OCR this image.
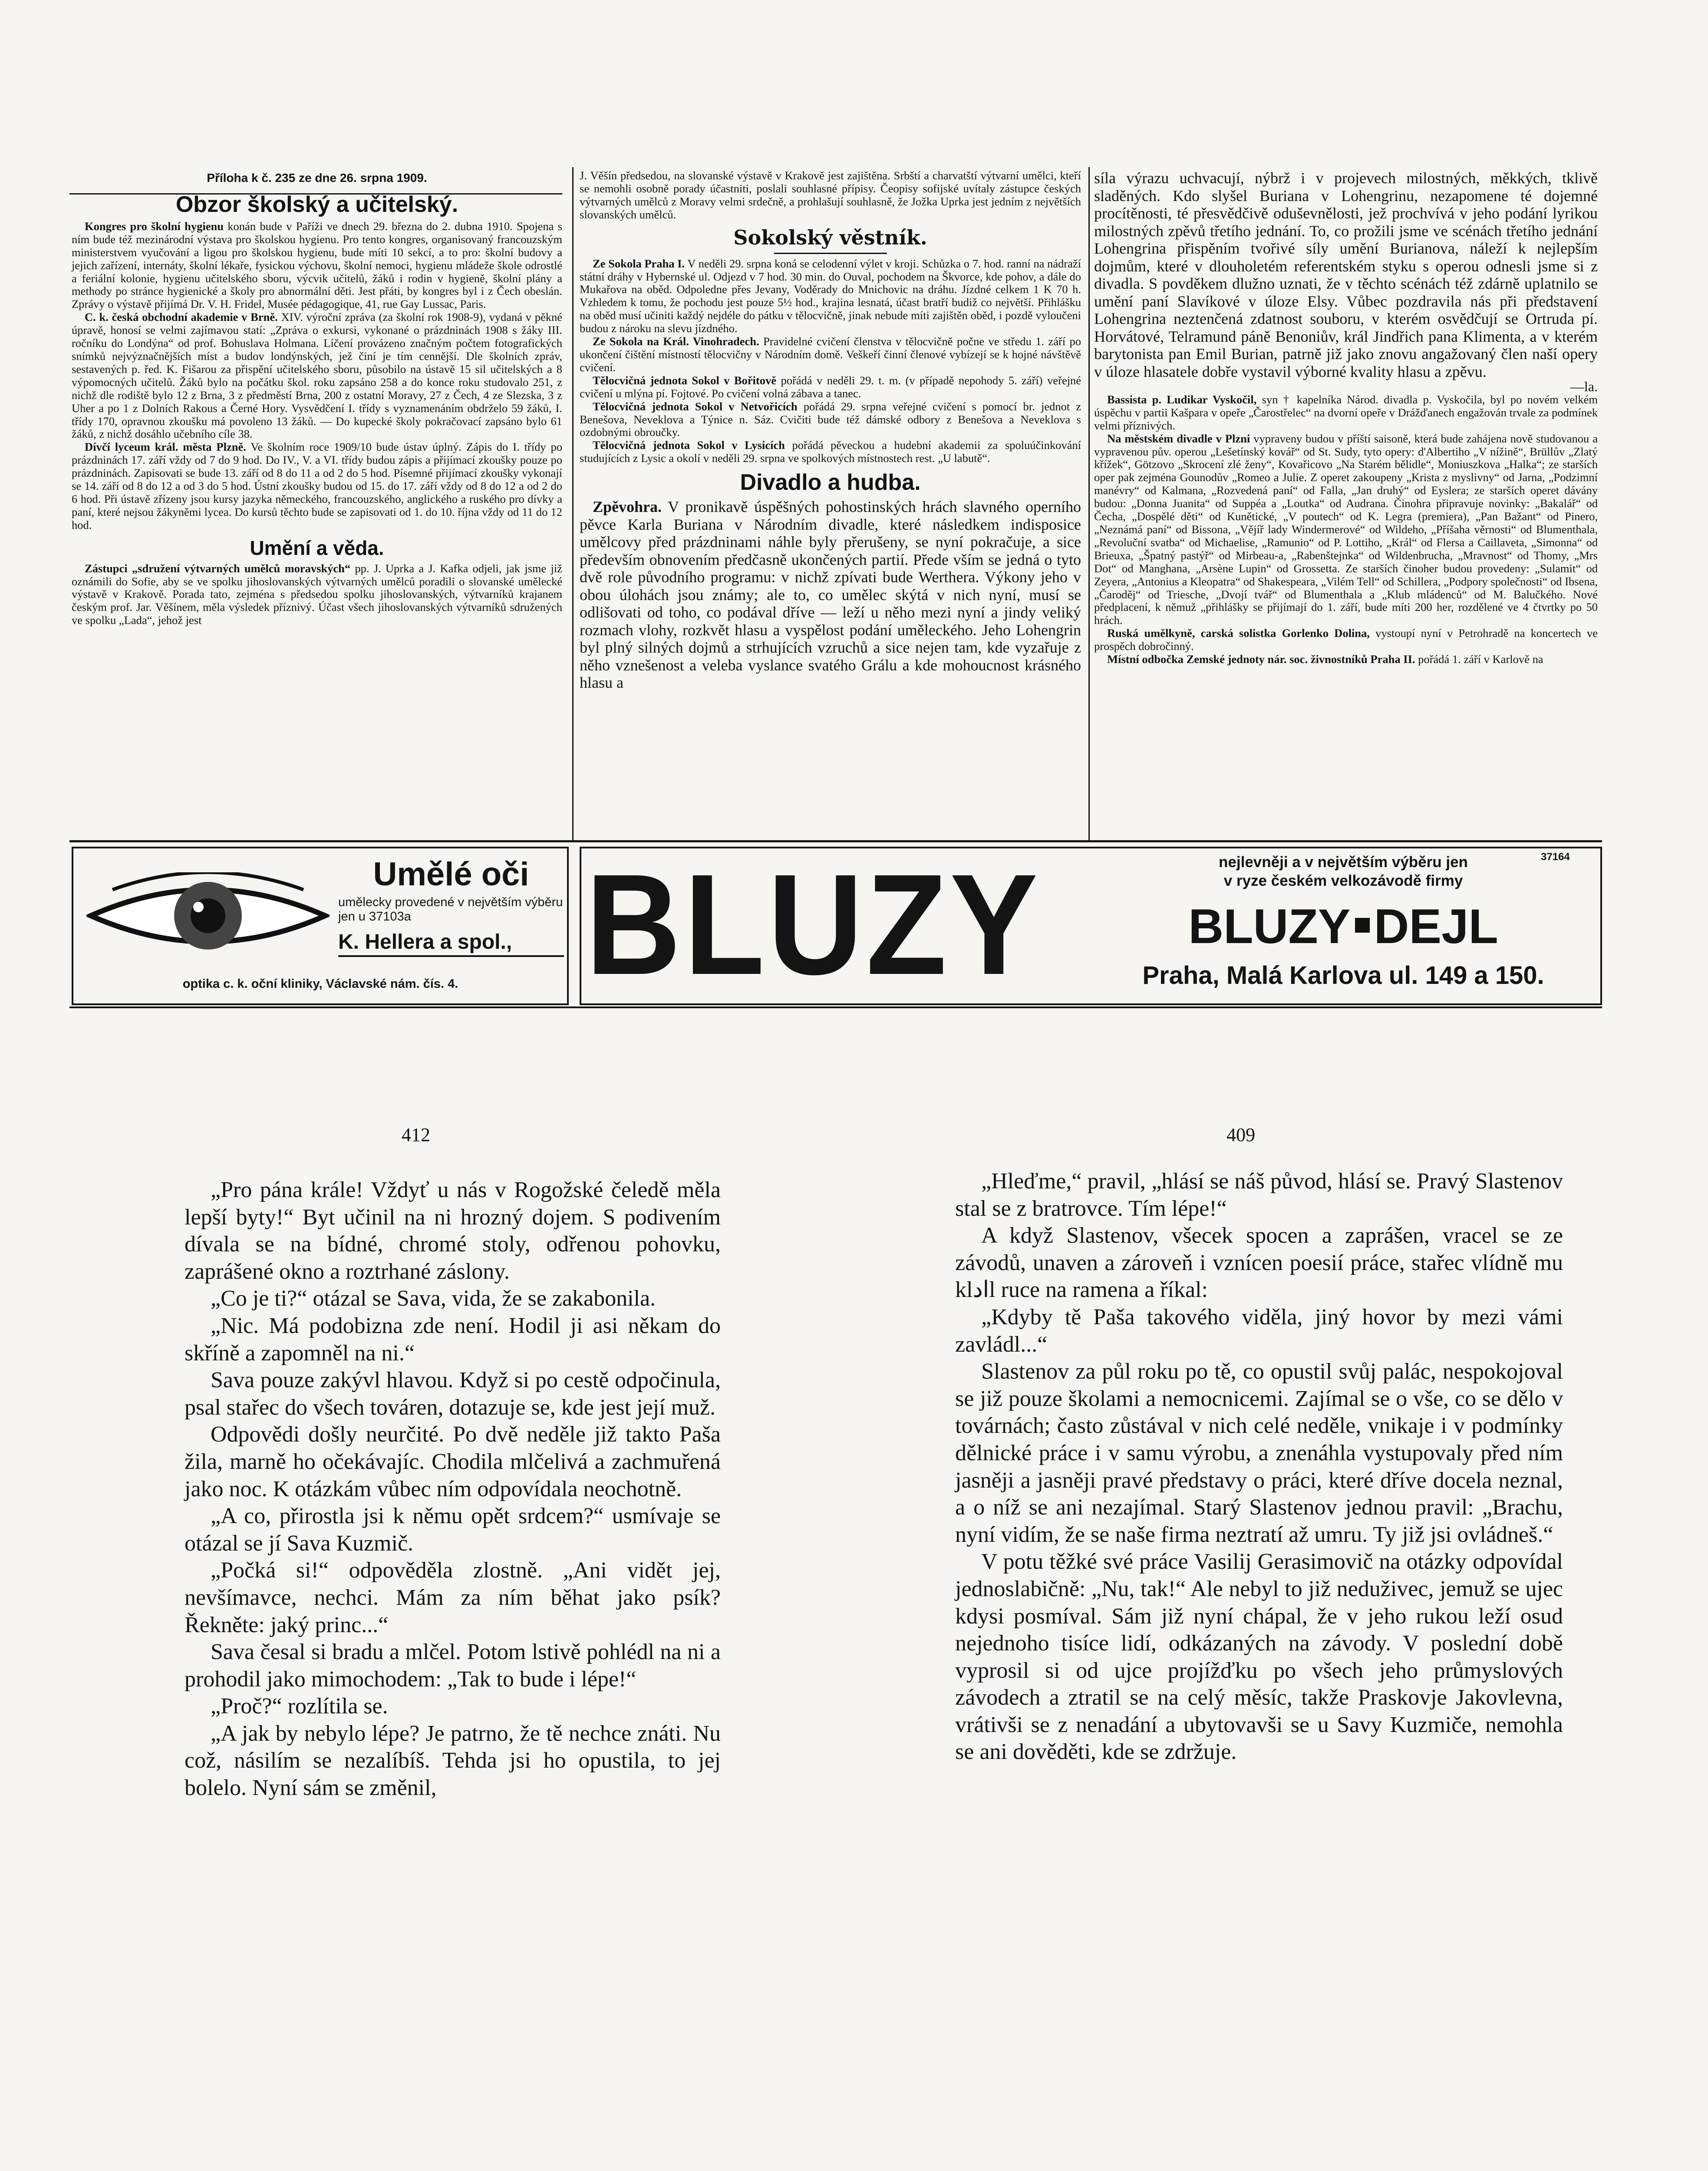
Příloha k č. 235 ze dne 26. srpna 1909.
Obzor školský a učitelský.

Kongres pro školní hygienu konán bude v Paříži ve dnech 29. března do 2. dubna 1910. Spojena s ním bude též mezinárodní výstava pro školskou hygienu. Pro tento kongres, organisovaný francouzským ministerstvem vyučování a ligou pro školskou hygienu, bude míti 10 sekcí, a to pro: školní budovy a jejich zařízení, internáty, školní lékaře, fysickou výchovu, školní nemoci, hygienu mládeže škole odrostlé a feriální kolonie, hygienu učitelského sboru, výcvik učitelů, žáků i rodin v hygieně, školní plány a methody po stránce hygienické a školy pro abnormální děti. Jest přáti, by kongres byl i z Čech obeslán. Zprávy o výstavě přijímá Dr. V. H. Fridel, Musée pédagogique, 41, rue Gay Lussac, Paris.

C. k. česká obchodní akademie v Brně. XIV. výroční zpráva (za školní rok 1908-9), vydaná v pěkné úpravě, honosí se velmi zajímavou statí: „Zpráva o exkursi, vykonané o prázdninách 1908 s žáky III. ročníku do Londýna“ od prof. Bohuslava Holmana. Líčení provázeno značným počtem fotografických snímků nejvýznačnějších míst a budov londýnských, jež činí je tím cennější. Dle školních zpráv, sestavených p. řed. K. Fišarou za přispění učitelského sboru, působilo na ústavě 15 sil učitelských a 8 výpomocných učitelů. Žáků bylo na počátku škol. roku zapsáno 258 a do konce roku studovalo 251, z nichž dle rodiště bylo 12 z Brna, 3 z předměstí Brna, 200 z ostatní Moravy, 27 z Čech, 4 ze Slezska, 3 z Uher a po 1 z Dolních Rakous a Černé Hory. Vysvědčení I. třídy s vyznamenáním obdrželo 59 žáků, I. třídy 170, opravnou zkoušku má povoleno 13 žáků. — Do kupecké školy pokračovací zapsáno bylo 61 žáků, z nichž dosáhlo učebního cíle 38.

Dívčí lyceum král. města Plzně. Ve školním roce 1909/10 bude ústav úplný. Zápis do I. třídy po prázdninách 17. září vždy od 7 do 9 hod. Do IV., V. a VI. třídy budou zápis a přijímací zkoušky pouze po prázdninách. Zapisovati se bude 13. září od 8 do 11 a od 2 do 5 hod. Písemné přijímací zkoušky vykonají se 14. září od 8 do 12 a od 3 do 5 hod. Ústní zkoušky budou od 15. do 17. září vždy od 8 do 12 a od 2 do 6 hod. Při ústavě zřízeny jsou kursy jazyka německého, francouzského, anglického a ruského pro dívky a paní, které nejsou žákyněmi lycea. Do kursů těchto bude se zapisovati od 1. do 10. října vždy od 11 do 12 hod.

Umění a věda.

Zástupci „sdružení výtvarných umělců moravských“ pp. J. Uprka a J. Kafka odjeli, jak jsme již oznámili do Sofie, aby se ve spolku jihoslovanských výtvarných umělců poradili o slovanské umělecké výstavě v Krakově. Porada tato, zejména s předsedou spolku jihoslovanských, výtvarníků krajanem českým prof. Jar. Věšínem, měla výsledek příznivý. Účast všech jihoslovanských výtvarníků sdružených ve spolku „Lada“, jehož jest

J. Věšín předsedou, na slovanské výstavě v Krakově jest zajištěna. Srbští a charvatští výtvarní umělci, kteří se nemohli osobně porady účastniti, poslali souhlasné přípisy. Čeopisy sofijské uvítaly zástupce českých výtvarných umělců z Moravy velmi srdečně, a prohlašují souhlasně, že Jožka Uprka jest jedním z největších slovanských umělců.

Sokolský věstník.

Ze Sokola Praha I. V neděli 29. srpna koná se celodenní výlet v kroji. Schůzka o 7. hod. ranní na nádraží státní dráhy v Hybernské ul. Odjezd v 7 hod. 30 min. do Ouval, pochodem na Škvorce, kde pohov, a dále do Mukařova na oběd. Odpoledne přes Jevany, Voděrady do Mnichovic na dráhu. Jízdné celkem 1 K 70 h. Vzhledem k tomu, že pochodu jest pouze 5½ hod., krajina lesnatá, účast bratří budiž co největší. Přihlášku na oběd musí učiniti každý nejdéle do pátku v tělocvičně, jinak nebude míti zajištěn oběd, i pozdě vyloučeni budou z nároku na slevu jízdného.

Ze Sokola na Král. Vinohradech. Pravidelné cvičení členstva v tělocvičně počne ve středu 1. září po ukončení čištění místností tělocvičny v Národním domě. Veškeří činní členové vybízejí se k hojné návštěvě cvičení.

Tělocvičná jednota Sokol v Bořitově pořádá v neděli 29. t. m. (v případě nepohody 5. září) veřejné cvičení u mlýna pí. Fojtové. Po cvičení volná zábava a tanec.

Tělocvičná jednota Sokol v Netvořicích pořádá 29. srpna veřejné cvičení s pomocí br. jednot z Benešova, Neveklova a Týnice n. Sáz. Cvičiti bude též dámské odbory z Benešova a Neveklova s ozdobnými obroučky.

Tělocvičná jednota Sokol v Lysicích pořádá pěveckou a hudební akademii za spoluúčinkování studujících z Lysic a okolí v neděli 29. srpna ve spolkových místnostech rest. „U labutě“.

Divadlo a hudba.

Zpěvohra. V pronikavě úspěšných pohostinských hrách slavného operního pěvce Karla Buriana v Národním divadle, které následkem indisposice umělcovy před prázdninami náhle byly přerušeny, se nyní pokračuje, a sice především obnovením předčasně ukončených partií. Přede vším se jedná o tyto dvě role původního programu: v nichž zpívati bude Werthera. Výkony jeho v obou úlohách jsou známy; ale to, co umělec skýtá v nich nyní, musí se odlišovati od toho, co podával dříve — leží u něho mezi nyní a jindy veliký rozmach vlohy, rozkvět hlasu a vyspělost podání uměleckého. Jeho Lohengrin byl plný silných dojmů a strhujících vzruchů a sice nejen tam, kde vyzařuje z něho vznešenost a veleba vyslance svatého Grálu a kde mohoucnost krásného hlasu a

síla výrazu uchvacují, nýbrž i v projevech milostných, měkkých, tklivě sladěných. Kdo slyšel Buriana v Lohengrinu, nezapomene té dojemné procítěnosti, té přesvědčivě oduševnělosti, jež prochvívá v jeho podání lyrikou milostných zpěvů třetího jednání. To, co prožili jsme ve scénách třetího jednání Lohengrina přispěním tvořivé síly umění Burianova, náleží k nejlepším dojmům, které v dlouholetém referentském styku s operou odnesli jsme si z divadla. S povděkem dlužno uznati, že v těchto scénách též zdárně uplatnilo se umění paní Slavíkové v úloze Elsy. Vůbec pozdravila nás při představení Lohengrina neztenčená zdatnost souboru, v kterém osvědčují se Ortruda pí. Horvátové, Telramund páně Benoniův, král Jindřich pana Klimenta, a v kterém barytonista pan Emil Burian, patrně již jako znovu angažovaný člen naší opery v úloze hlasatele dobře vystavil výborné kvality hlasu a zpěvu.

—la.

Bassista p. Ludikar Vyskočil, syn † kapelníka Národ. divadla p. Vyskočila, byl po novém velkém úspěchu v partii Kašpara v opeře „Čarostřelec“ na dvorní opeře v Drážďanech engažován trvale za podmínek velmi příznivých.

Na městském divadle v Plzni vypraveny budou v příští saisoně, která bude zahájena nově studovanou a vypravenou pův. operou „Lešetínský kovář“ od St. Sudy, tyto opery: d'Albertiho „V nížině“, Brüllův „Zlatý křížek“, Götzovo „Skrocení zlé ženy“, Kovařicovo „Na Starém bělidle“, Moniuszkova „Halka“; ze starších oper pak zejména Gounodův „Romeo a Julie. Z operet zakoupeny „Krista z myslivny“ od Jarna, „Podzimní manévry“ od Kalmana, „Rozvedená paní“ od Falla, „Jan druhý“ od Eyslera; ze starších operet dávány budou: „Donna Juanita“ od Suppéa a „Loutka“ od Audrana. Činohra připravuje novinky: „Bakalář“ od Čecha, „Dospělé děti“ od Kunětické, „V poutech“ od K. Legra (premiera), „Pan Bažant“ od Pinero, „Neznámá paní“ od Bissona, „Vějíř lady Windermerové“ od Wildeho, „Příšaha věrnosti“ od Blumenthala, „Revoluční svatba“ od Michaelise, „Ramunio“ od P. Lottiho, „Král“ od Flersa a Caillaveta, „Simonna“ od Brieuxa, „Špatný pastýř“ od Mirbeau-a, „Rabenštejnka“ od Wildenbrucha, „Mravnost“ od Thomy, „Mrs Dot“ od Manghana, „Arsène Lupin“ od Grossetta. Ze starších činoher budou provedeny: „Sulamit“ od Zeyera, „Antonius a Kleopatra“ od Shakespeara, „Vilém Tell“ od Schillera, „Podpory společnosti“ od Ibsena, „Čaroděj“ od Triesche, „Dvojí tvář“ od Blumenthala a „Klub mládenců“ od M. Balučkého. Nové předplacení, k němuž „přihlášky se přijímají do 1. září, bude míti 200 her, rozdělené ve 4 čtvrtky po 50 hrách.

Ruská umělkyně, carská solistka Gorlenko Dolina, vystoupí nyní v Petrohradě na koncertech ve prospěch dobročinný.

Místní odbočka Zemské jednoty nár. soc. živnostníků Praha II. pořádá 1. září v Karlově na

Umělé oči
umělecky provedené v největším výběru jen u 37103a
K. Hellera a spol.,
optika c. k. oční kliniky, Václavské nám. čís. 4. BLUZY	nejlevněji a v největším výběru jen
v ryze českém velkozávodě firmy
37164
BLUZY DEJL
Praha, Malá Karlova ul. 149 a 150.
412	409

„Pro pána krále! Vždyť u nás v Rogožské čeledě měla lepší byty!“ Byt učinil na ni hrozný dojem. S podivením dívala se na bídné, chromé stoly, odřenou pohovku, zaprášené okno a roztrhané záslony.

„Co je ti?“ otázal se Sava, vida, že se zakabonila.

„Nic. Má podobizna zde není. Hodil ji asi někam do skříně a zapomněl na ni.“

Sava pouze zakývl hlavou. Když si po cestě odpočinula, psal stařec do všech továren, dotazuje se, kde jest její muž.

Odpovědi došly neurčité. Po dvě neděle již takto Paša žila, marně ho očekávajíc. Chodila mlčelivá a zachmuřená jako noc. K otázkám vůbec ním odpovídala neochotně.

„A co, přirostla jsi k němu opět srdcem?“ usmívaje se otázal se jí Sava Kuzmič.

„Počká si!“ odpověděla zlostně. „Ani vidět jej, nevšímavce, nechci. Mám za ním běhat jako psík? Řekněte: jaký princ...“

Sava česal si bradu a mlčel. Potom lstivě pohlédl na ni a prohodil jako mimochodem: „Tak to bude i lépe!“

„Proč?“ rozlítila se.

„A jak by nebylo lépe? Je patrno, že tě nechce znáti. Nu což, násilím se nezalíbíš. Tehda jsi ho opustila, to jej bolelo. Nyní sám se změnil,

„Hleďme,“ pravil, „hlásí se náš původ, hlásí se. Pravý Slastenov stal se z bratrovce. Tím lépe!“

A když Slastenov, všecek spocen a zaprášen, vracel se ze závodů, unaven a zároveň i vznícen poesií práce, stařec vlídně mu klادl ruce na ramena a říkal:

„Kdyby tě Paša takového viděla, jiný hovor by mezi vámi zavládl...“

Slastenov za půl roku po tě, co opustil svůj palác, nespokojoval se již pouze školami a nemocnicemi. Zajímal se o vše, co se dělo v továrnách; často zůstával v nich celé neděle, vnikaje i v podmínky dělnické práce i v samu výrobu, a znenáhla vystupovaly před ním jasněji a jasněji pravé představy o práci, které dříve docela neznal, a o níž se ani nezajímal. Starý Slastenov jednou pravil: „Brachu, nyní vidím, že se naše firma neztratí až umru. Ty již jsi ovládneš.“

V potu těžké své práce Vasilij Gerasimovič na otázky odpovídal jednoslabičně: „Nu, tak!“ Ale nebyl to již neduživec, jemuž se ujec kdysi posmíval. Sám již nyní chápal, že v jeho rukou leží osud nejednoho tisíce lidí, odkázaných na závody. V poslední době vyprosil si od ujce projížďku po všech jeho průmyslových závodech a ztratil se na celý měsíc, takže Praskovje Jakovlevna, vrátivši se z nenadání a ubytovavši se u Savy Kuzmiče, nemohla se ani dověděti, kde se zdržuje.
